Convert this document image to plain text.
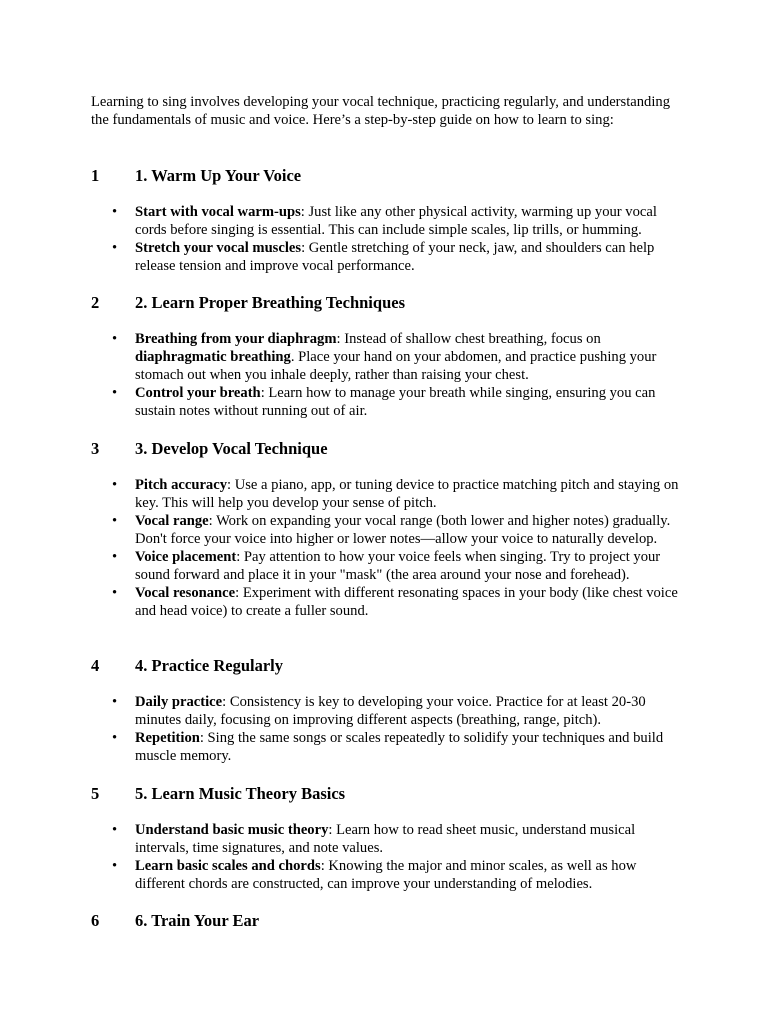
Learning to sing involves developing your vocal technique, practicing regularly, and understanding the fundamentals of music and voice. Here’s a step-by-step guide on how to learn to sing:

1 1. Warm Up Your Voice
• Start with vocal warm-ups: Just like any other physical activity, warming up your vocal cords before singing is essential. This can include simple scales, lip trills, or humming.
• Stretch your vocal muscles: Gentle stretching of your neck, jaw, and shoulders can help release tension and improve vocal performance.
2 2. Learn Proper Breathing Techniques
• Breathing from your diaphragm: Instead of shallow chest breathing, focus on diaphragmatic breathing. Place your hand on your abdomen, and practice pushing your stomach out when you inhale deeply, rather than raising your chest.
• Control your breath: Learn how to manage your breath while singing, ensuring you can sustain notes without running out of air.
3 3. Develop Vocal Technique
• Pitch accuracy: Use a piano, app, or tuning device to practice matching pitch and staying on key. This will help you develop your sense of pitch.
• Vocal range: Work on expanding your vocal range (both lower and higher notes) gradually. Don't force your voice into higher or lower notes—allow your voice to naturally develop.
• Voice placement: Pay attention to how your voice feels when singing. Try to project your sound forward and place it in your "mask" (the area around your nose and forehead).
• Vocal resonance: Experiment with different resonating spaces in your body (like chest voice and head voice) to create a fuller sound.
4 4. Practice Regularly
• Daily practice: Consistency is key to developing your voice. Practice for at least 20-30 minutes daily, focusing on improving different aspects (breathing, range, pitch).
• Repetition: Sing the same songs or scales repeatedly to solidify your techniques and build muscle memory.
5 5. Learn Music Theory Basics
• Understand basic music theory: Learn how to read sheet music, understand musical intervals, time signatures, and note values.
• Learn basic scales and chords: Knowing the major and minor scales, as well as how different chords are constructed, can improve your understanding of melodies.
6 6. Train Your Ear
